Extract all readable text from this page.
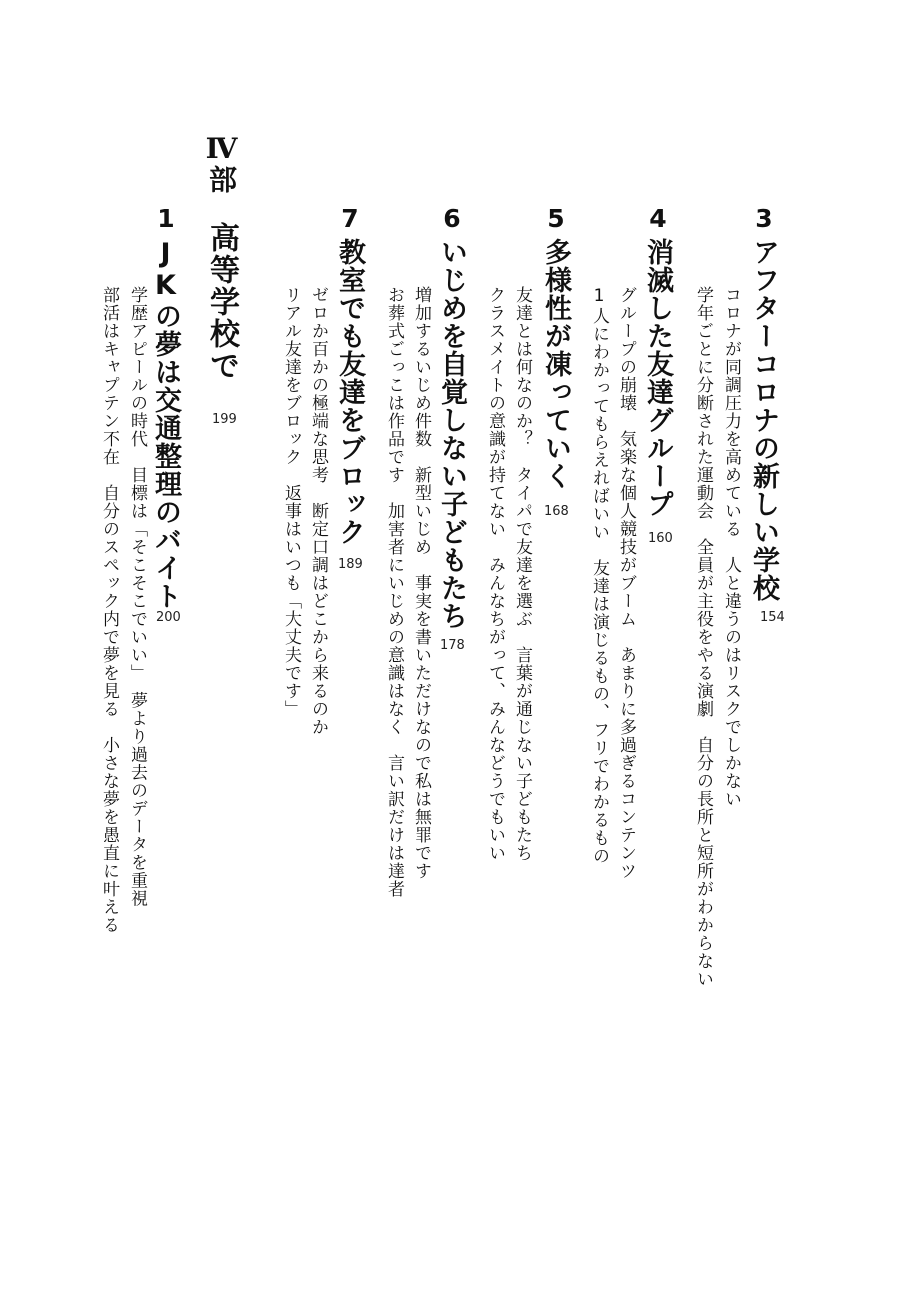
3
アフターコロナの新しい学校
154
コロナが同調圧力を高めている　人と違うのはリスクでしかない
学年ごとに分断された運動会　全員が主役をやる演劇　自分の長所と短所がわからない
4
消滅した友達グループ
160
グループの崩壊　気楽な個人競技がブーム　あまりに多過ぎるコンテンツ
1人にわかってもらえればいい　友達は演じるもの、フリでわかるもの
5
多様性が凍っていく
168
友達とは何なのか？　タイパで友達を選ぶ　言葉が通じない子どもたち
クラスメイトの意識が持てない　みんなちがって、みんなどうでもいい
6
いじめを自覚しない子どもたち
178
増加するいじめ件数　新型いじめ　事実を書いただけなので私は無罪です
お葬式ごっこは作品です　加害者にいじめの意識はなく　言い訳だけは達者
7
教室でも友達をブロック
189
ゼロか百かの極端な思考　断定口調はどこから来るのか
リアル友達をブロック　返事はいつも「大丈夫です」
Ⅳ部
高等学校で
199
1
JKの夢は交通整理のバイト
200
学歴アピールの時代　目標は「そこそこでいい」　夢より過去のデータを重視
部活はキャプテン不在　自分のスペック内で夢を見る　小さな夢を愚直に叶える
